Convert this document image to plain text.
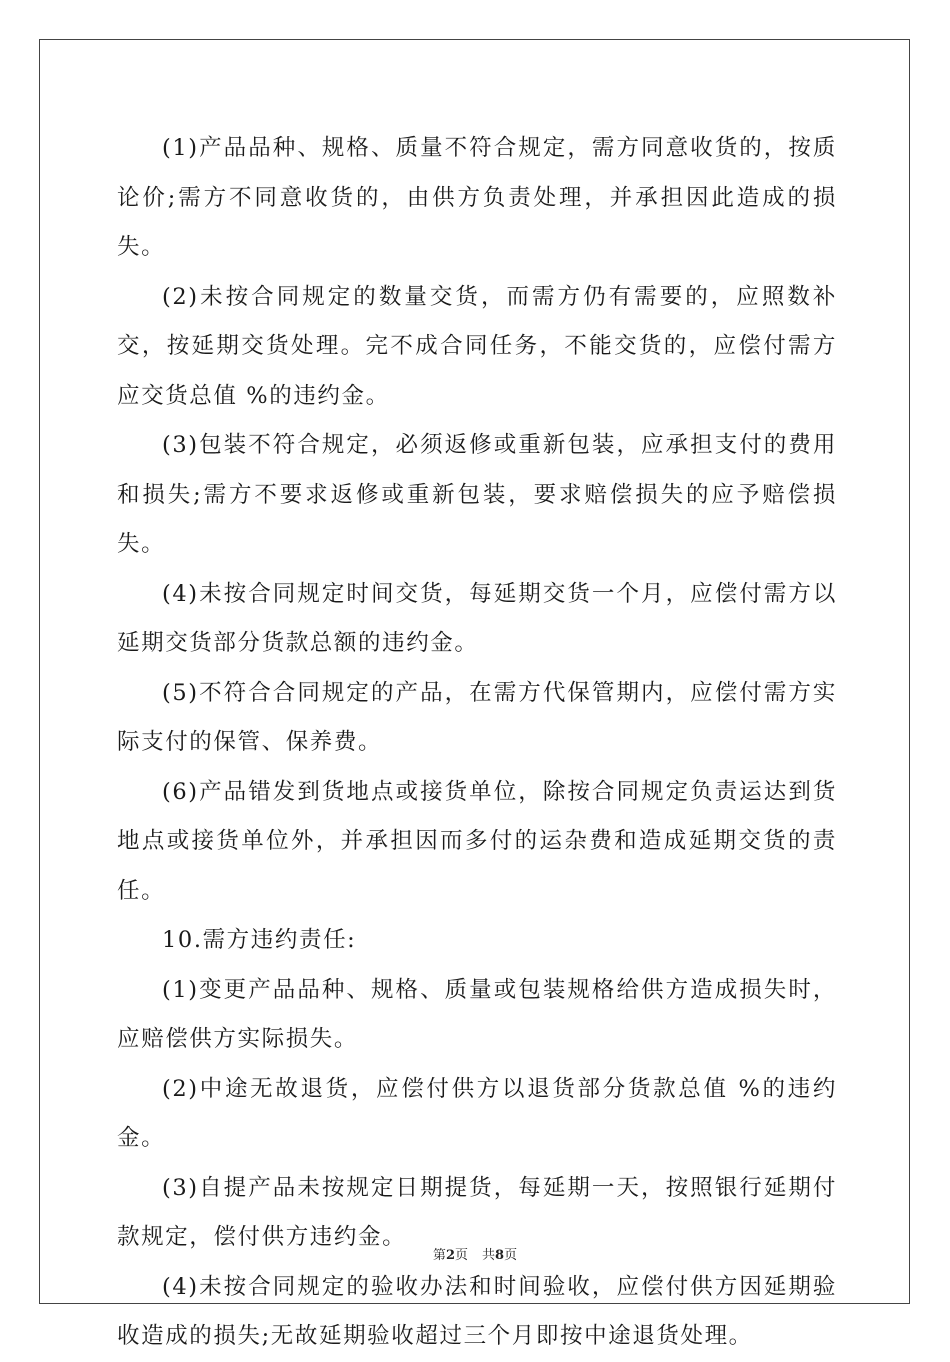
(1)产品品种、规格、质量不符合规定，需方同意收货的，按质论价;需方不同意收货的，由供方负责处理，并承担因此造成的损失。

(2)未按合同规定的数量交货，而需方仍有需要的，应照数补交，按延期交货处理。完不成合同任务，不能交货的，应偿付需方应交货总值 %的违约金。

(3)包装不符合规定，必须返修或重新包装，应承担支付的费用和损失;需方不要求返修或重新包装，要求赔偿损失的应予赔偿损失。

(4)未按合同规定时间交货，每延期交货一个月，应偿付需方以延期交货部分货款总额的违约金。

(5)不符合合同规定的产品，在需方代保管期内，应偿付需方实际支付的保管、保养费。

(6)产品错发到货地点或接货单位，除按合同规定负责运达到货地点或接货单位外，并承担因而多付的运杂费和造成延期交货的责任。

10.需方违约责任:

(1)变更产品品种、规格、质量或包装规格给供方造成损失时，应赔偿供方实际损失。

(2)中途无故退货，应偿付供方以退货部分货款总值 %的违约金。

(3)自提产品未按规定日期提货，每延期一天，按照银行延期付款规定，偿付供方违约金。

(4)未按合同规定的验收办法和时间验收，应偿付供方因延期验收造成的损失;无故延期验收超过三个月即按中途退货处理。

第2页 共8页
